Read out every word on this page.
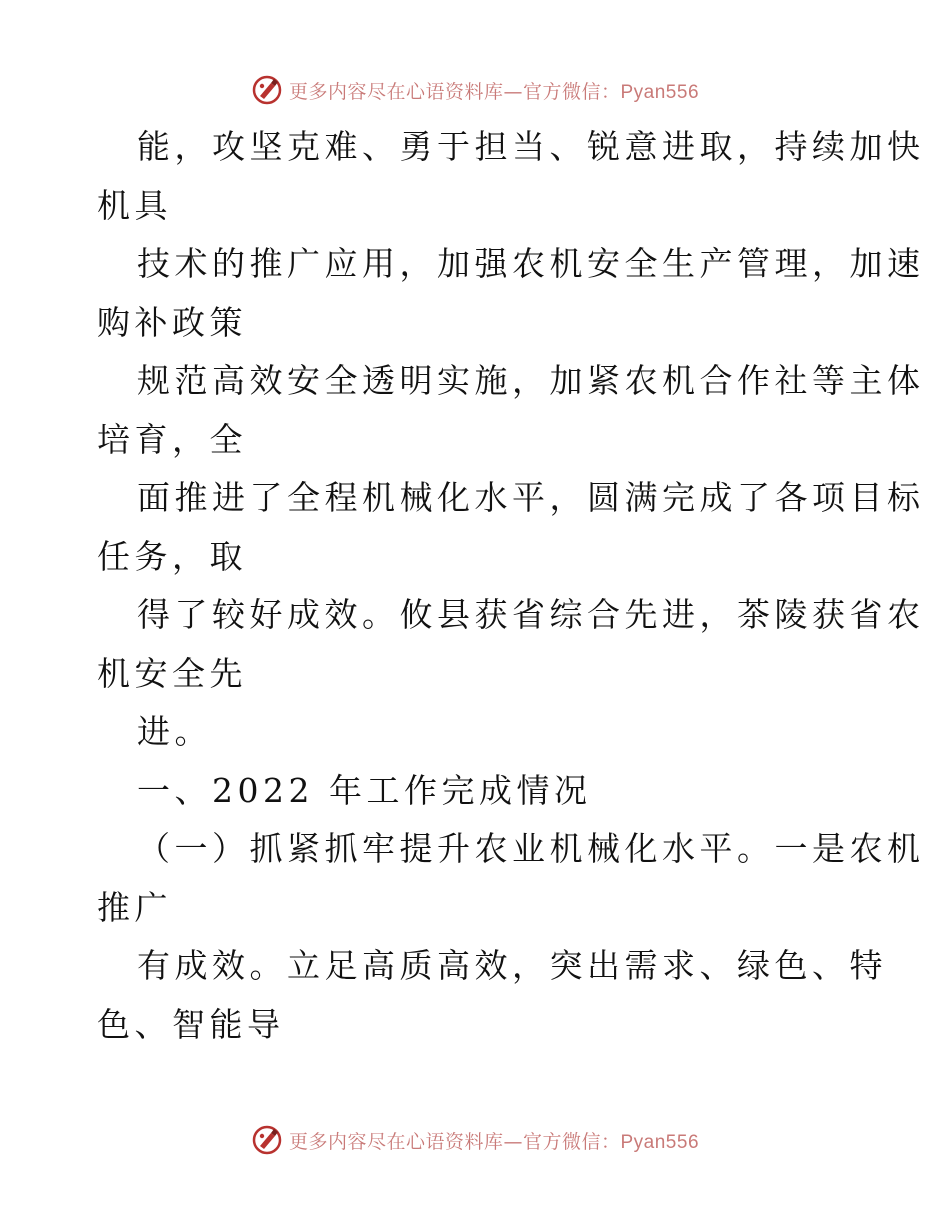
更多内容尽在心语资料库—官方微信：Pyan556
能，攻坚克难、勇于担当、锐意进取，持续加快
机具
技术的推广应用，加强农机安全生产管理，加速
购补政策
规范高效安全透明实施，加紧农机合作社等主体
培育，全
面推进了全程机械化水平，圆满完成了各项目标
任务，取
得了较好成效。攸县获省综合先进，茶陵获省农
机安全先
进。
一、2022 年工作完成情况
（一）抓紧抓牢提升农业机械化水平。一是农机
推广
有成效。立足高质高效，突出需求、绿色、特
色、智能导
更多内容尽在心语资料库—官方微信：Pyan556
